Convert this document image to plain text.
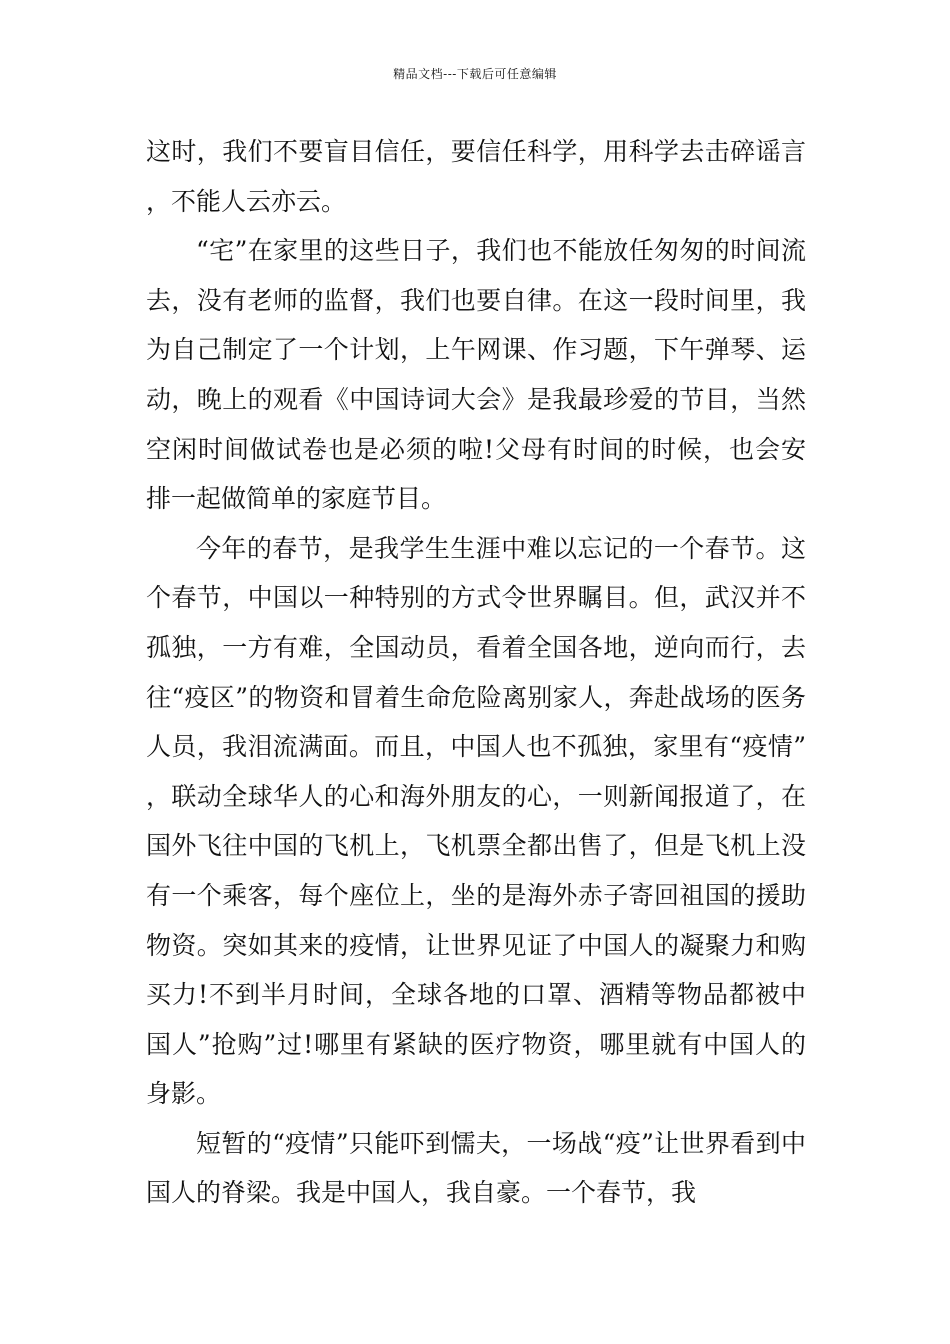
精品文档---下载后可任意编辑

这时，我们不要盲目信任，要信任科学，用科学去击碎谣言，不能人云亦云。

“宅”在家里的这些日子，我们也不能放任匆匆的时间流去，没有老师的监督，我们也要自律。在这一段时间里，我为自己制定了一个计划，上午网课、作习题，下午弹琴、运动，晚上的观看《中国诗词大会》是我最珍爱的节目，当然空闲时间做试卷也是必须的啦!父母有时间的时候，也会安排一起做简单的家庭节目。

今年的春节，是我学生生涯中难以忘记的一个春节。这个春节，中国以一种特别的方式令世界瞩目。但，武汉并不孤独，一方有难，全国动员，看着全国各地，逆向而行，去往“疫区”的物资和冒着生命危险离别家人，奔赴战场的医务人员，我泪流满面。而且，中国人也不孤独，家里有“疫情”，联动全球华人的心和海外朋友的心，一则新闻报道了，在国外飞往中国的飞机上，飞机票全都出售了，但是飞机上没有一个乘客，每个座位上，坐的是海外赤子寄回祖国的援助物资。突如其来的疫情，让世界见证了中国人的凝聚力和购买力!不到半月时间，全球各地的口罩、酒精等物品都被中国人”抢购”过!哪里有紧缺的医疗物资，哪里就有中国人的身影。

短暂的“疫情”只能吓到懦夫，一场战“疫”让世界看到中国人的脊梁。我是中国人，我自豪。一个春节，我
